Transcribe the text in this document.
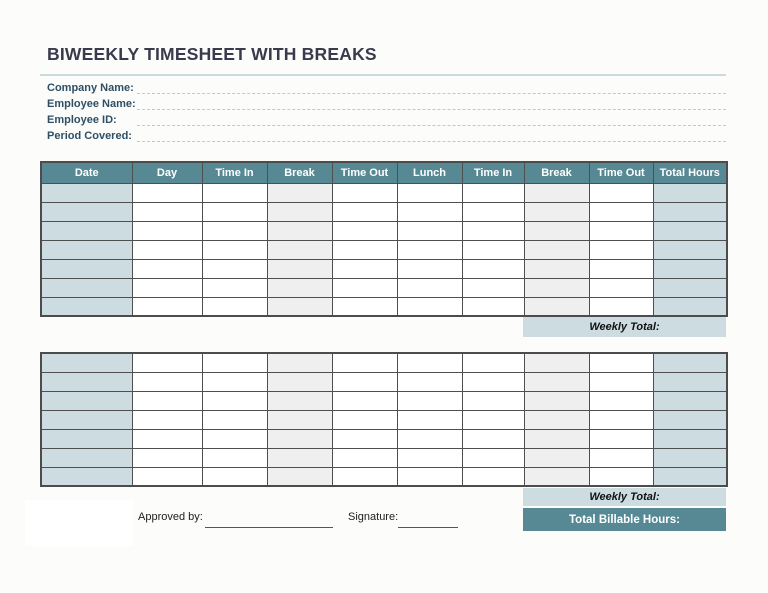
BIWEEKLY TIMESHEET WITH BREAKS
Company Name:
Employee Name:
Employee ID:
Period Covered:
Date	Day	Time In	Break	Time Out	Lunch	Time In	Break	Time Out	Total Hours

Weekly Total:

Weekly Total:
Total Billable Hours:
Approved by:	Signature:
